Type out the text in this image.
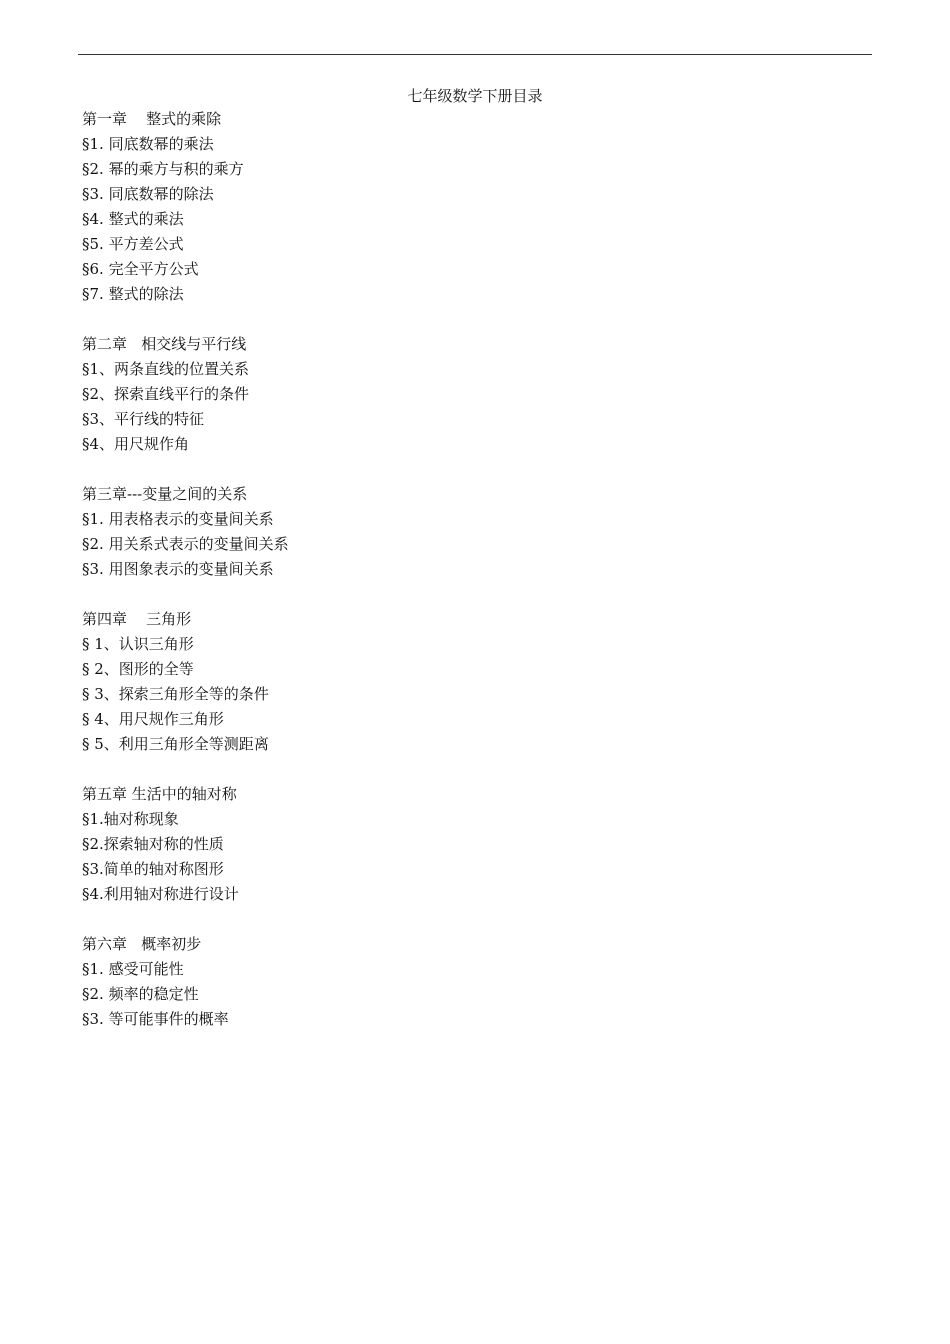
七年级数学下册目录
第一章    整式的乘除
§1. 同底数幂的乘法
§2. 幂的乘方与积的乘方
§3. 同底数幂的除法
§4. 整式的乘法
§5. 平方差公式
§6. 完全平方公式
§7. 整式的除法
第二章   相交线与平行线
§1、两条直线的位置关系
§2、探索直线平行的条件
§3、平行线的特征
§4、用尺规作角
第三章---变量之间的关系
§1. 用表格表示的变量间关系
§2. 用关系式表示的变量间关系
§3. 用图象表示的变量间关系
第四章    三角形
§ 1、认识三角形
§ 2、图形的全等
§ 3、探索三角形全等的条件
§ 4、用尺规作三角形
§ 5、利用三角形全等测距离
第五章 生活中的轴对称
§1.轴对称现象
§2.探索轴对称的性质
§3.简单的轴对称图形
§4.利用轴对称进行设计
第六章   概率初步
§1. 感受可能性
§2. 频率的稳定性
§3. 等可能事件的概率
